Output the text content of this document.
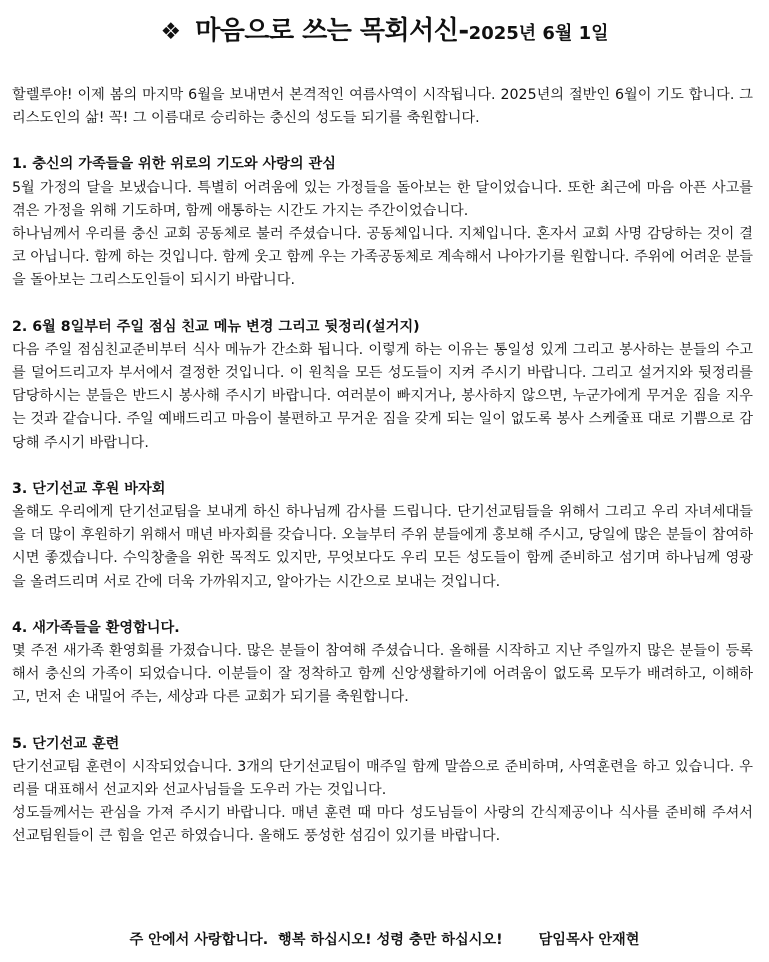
❖ 마음으로 쓰는 목회서신-2025년 6월 1일

할렐루야! 이제 봄의 마지막 6월을 보내면서 본격적인 여름사역이 시작됩니다. 2025년의 절반인 6월이 기도 합니다. 그리스도인의 삶! 꼭! 그 이름대로 승리하는 충신의 성도들 되기를 축원합니다.

1. 충신의 가족들을 위한 위로의 기도와 사랑의 관심

5월 가정의 달을 보냈습니다. 특별히 어려움에 있는 가정들을 돌아보는 한 달이었습니다. 또한 최근에 마음 아픈 사고를 겪은 가정을 위해 기도하며, 함께 애통하는 시간도 가지는 주간이었습니다.

하나님께서 우리를 충신 교회 공동체로 불러 주셨습니다. 공동체입니다. 지체입니다. 혼자서 교회 사명 감당하는 것이 결코 아닙니다. 함께 하는 것입니다. 함께 웃고 함께 우는 가족공동체로 계속해서 나아가기를 원합니다. 주위에 어려운 분들을 돌아보는 그리스도인들이 되시기 바랍니다.

2. 6월 8일부터 주일 점심 친교 메뉴 변경 그리고 뒷정리(설거지)

다음 주일 점심친교준비부터 식사 메뉴가 간소화 됩니다. 이렇게 하는 이유는 통일성 있게 그리고 봉사하는 분들의 수고를 덜어드리고자 부서에서 결정한 것입니다. 이 원칙을 모든 성도들이 지켜 주시기 바랍니다. 그리고 설거지와 뒷정리를 담당하시는 분들은 반드시 봉사해 주시기 바랍니다. 여러분이 빠지거나, 봉사하지 않으면, 누군가에게 무거운 짐을 지우는 것과 같습니다. 주일 예배드리고 마음이 불편하고 무거운 짐을 갖게 되는 일이 없도록 봉사 스케줄표 대로 기쁨으로 감당해 주시기 바랍니다.

3. 단기선교 후원 바자회

올해도 우리에게 단기선교팀을 보내게 하신 하나님께 감사를 드립니다. 단기선교팀들을 위해서 그리고 우리 자녀세대들을 더 많이 후원하기 위해서 매년 바자회를 갖습니다. 오늘부터 주위 분들에게 홍보해 주시고, 당일에 많은 분들이 참여하시면 좋겠습니다. 수익창출을 위한 목적도 있지만, 무엇보다도 우리 모든 성도들이 함께 준비하고 섬기며 하나님께 영광을 올려드리며 서로 간에 더욱 가까워지고, 알아가는 시간으로 보내는 것입니다.

4. 새가족들을 환영합니다.

몇 주전 새가족 환영회를 가졌습니다. 많은 분들이 참여해 주셨습니다. 올해를 시작하고 지난 주일까지 많은 분들이 등록해서 충신의 가족이 되었습니다. 이분들이 잘 정착하고 함께 신앙생활하기에 어려움이 없도록 모두가 배려하고, 이해하고, 먼저 손 내밀어 주는, 세상과 다른 교회가 되기를 축원합니다.

5. 단기선교 훈련

단기선교팀 훈련이 시작되었습니다. 3개의 단기선교팀이 매주일 함께 말씀으로 준비하며, 사역훈련을 하고 있습니다. 우리를 대표해서 선교지와 선교사님들을 도우러 가는 것입니다.

성도들께서는 관심을 가져 주시기 바랍니다. 매년 훈련 때 마다 성도님들이 사랑의 간식제공이나 식사를 준비해 주셔서 선교팀원들이 큰 힘을 얻곤 하였습니다. 올해도 풍성한 섬김이 있기를 바랍니다.

주 안에서 사랑합니다.  행복 하십시오! 성령 충만 하십시오!	담임목사 안재현
